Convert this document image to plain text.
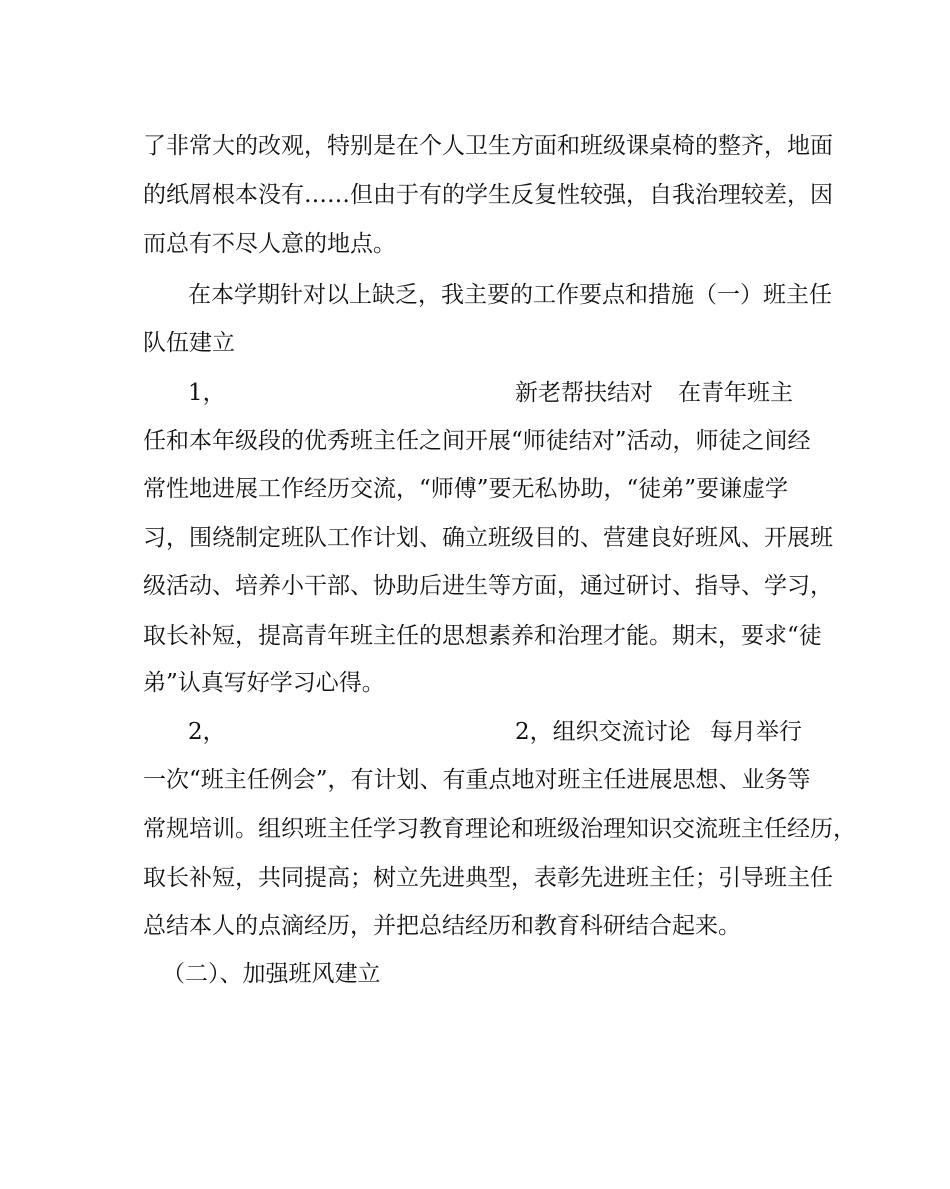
了非常大的改观，特别是在个人卫生方面和班级课桌椅的整齐，地面
的纸屑根本没有……但由于有的学生反复性较强，自我治理较差，因
而总有不尽人意的地点。
在本学期针对以上缺乏，我主要的工作要点和措施（一）班主任
队伍建立
1，	新老帮扶结对 在青年班主
任和本年级段的优秀班主任之间开展“师徒结对”活动，师徒之间经
常性地进展工作经历交流，“师傅”要无私协助，“徒弟”要谦虚学
习，围绕制定班队工作计划、确立班级目的、营建良好班风、开展班
级活动、培养小干部、协助后进生等方面，通过研讨、指导、学习，
取长补短，提高青年班主任的思想素养和治理才能。期末，要求“徒
弟”认真写好学习心得。
2，	2，组织交流讨论 每月举行
一次“班主任例会”，有计划、有重点地对班主任进展思想、业务等
常规培训。组织班主任学习教育理论和班级治理知识交流班主任经历，
取长补短，共同提高；树立先进典型，表彰先进班主任；引导班主任
总结本人的点滴经历，并把总结经历和教育科研结合起来。
（二）、加强班风建立
